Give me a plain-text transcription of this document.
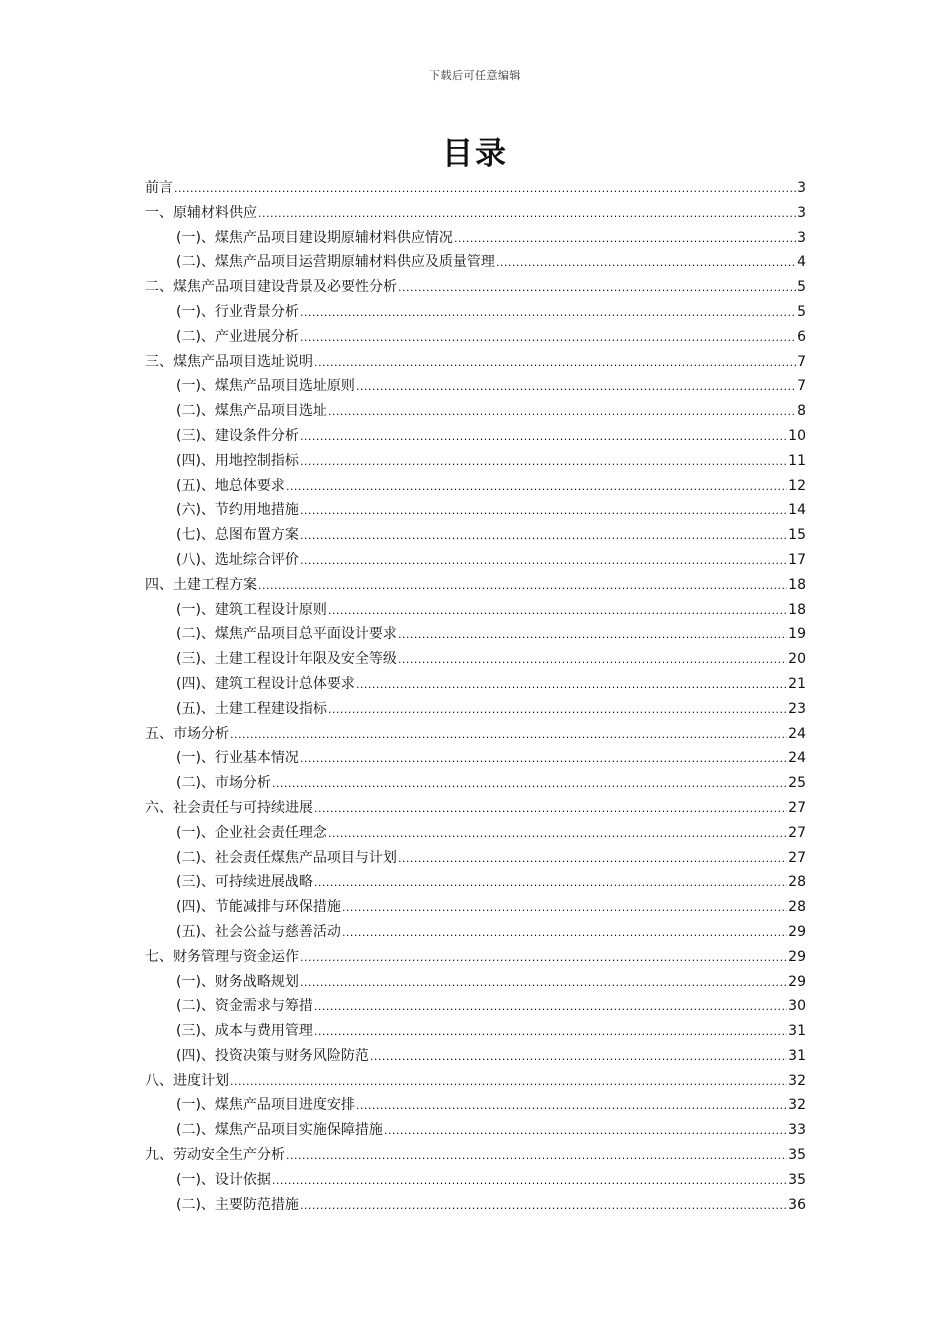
下载后可任意编辑
目录
前言 .....	3
一、原辅材料供应 .....	3
(一)、煤焦产品项目建设期原辅材料供应情况 .....	3
(二)、煤焦产品项目运营期原辅材料供应及质量管理 .....	4
二、煤焦产品项目建设背景及必要性分析 .....	5
(一)、行业背景分析 .....	5
(二)、产业进展分析 .....	6
三、煤焦产品项目选址说明 .....	7
(一)、煤焦产品项目选址原则 .....	7
(二)、煤焦产品项目选址 .....	8
(三)、建设条件分析 .....	10
(四)、用地控制指标 .....	11
(五)、地总体要求 .....	12
(六)、节约用地措施 .....	14
(七)、总图布置方案 .....	15
(八)、选址综合评价 .....	17
四、土建工程方案 .....	18
(一)、建筑工程设计原则 .....	18
(二)、煤焦产品项目总平面设计要求 .....	19
(三)、土建工程设计年限及安全等级 .....	20
(四)、建筑工程设计总体要求 .....	21
(五)、土建工程建设指标 .....	23
五、市场分析 .....	24
(一)、行业基本情况 .....	24
(二)、市场分析 .....	25
六、社会责任与可持续进展 .....	27
(一)、企业社会责任理念 .....	27
(二)、社会责任煤焦产品项目与计划 .....	27
(三)、可持续进展战略 .....	28
(四)、节能减排与环保措施 .....	28
(五)、社会公益与慈善活动 .....	29
七、财务管理与资金运作 .....	29
(一)、财务战略规划 .....	29
(二)、资金需求与筹措 .....	30
(三)、成本与费用管理 .....	31
(四)、投资决策与财务风险防范 .....	31
八、进度计划 .....	32
(一)、煤焦产品项目进度安排 .....	32
(二)、煤焦产品项目实施保障措施 .....	33
九、劳动安全生产分析 .....	35
(一)、设计依据 .....	35
(二)、主要防范措施 .....	36
